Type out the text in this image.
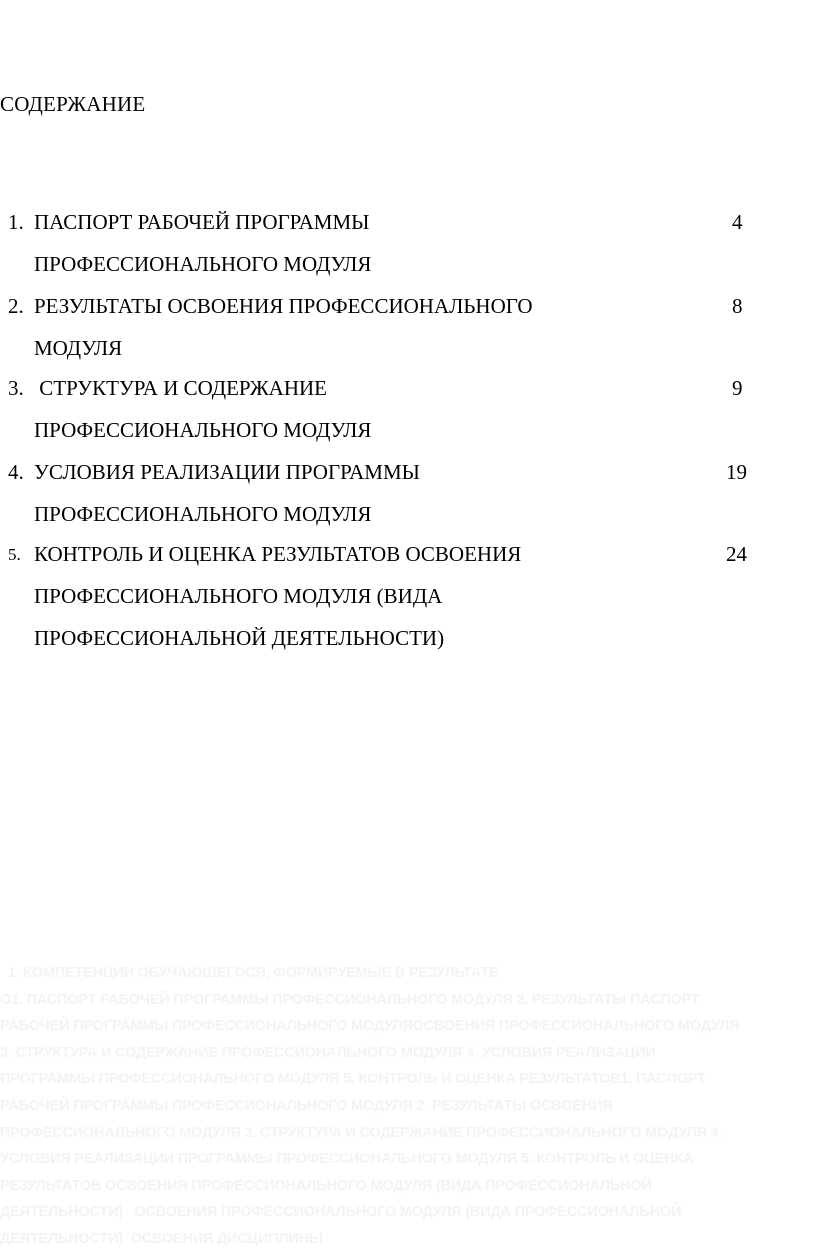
СОДЕРЖАНИЕ
1. ПАСПОРТ РАБОЧЕЙ ПРОГРАММЫ
ПРОФЕССИОНАЛЬНОГО МОДУЛЯ
4
2. РЕЗУЛЬТАТЫ ОСВОЕНИЯ ПРОФЕССИОНАЛЬНОГО
МОДУЛЯ
8
3. СТРУКТУРА И СОДЕРЖАНИЕ
ПРОФЕССИОНАЛЬНОГО МОДУЛЯ
9
4. УСЛОВИЯ РЕАЛИЗАЦИИ ПРОГРАММЫ
ПРОФЕССИОНАЛЬНОГО МОДУЛЯ
19
5. КОНТРОЛЬ И ОЦЕНКА РЕЗУЛЬТАТОВ ОСВОЕНИЯ
ПРОФЕССИОНАЛЬНОГО МОДУЛЯ (ВИДА
ПРОФЕССИОНАЛЬНОЙ ДЕЯТЕЛЬНОСТИ)
24
1. КОМПЕТЕНЦИИ ОБУЧАЮЩЕГОСЯ, ФОРМИРУЕМЫЕ В РЕЗУЛЬТАТЕ
О1. ПАСПОРТ РАБОЧЕЙ ПРОГРАММЫ ПРОФЕССИОНАЛЬНОГО МОДУЛЯ 2. РЕЗУЛЬТАТЫ ПАСПОРТ
РАБОЧЕЙ ПРОГРАММЫ ПРОФЕССИОНАЛЬНОГО МОДУЛЯОСВОЕНИЯ ПРОФЕССИОНАЛЬНОГО МОДУЛЯ
3. СТРУКТУРА И СОДЕРЖАНИЕ ПРОФЕССИОНАЛЬНОГО МОДУЛЯ 4. УСЛОВИЯ РЕАЛИЗАЦИИ
ПРОГРАММЫ ПРОФЕССИОНАЛЬНОГО МОДУЛЯ 5. КОНТРОЛЬ И ОЦЕНКА РЕЗУЛЬТАТОВ1. ПАСПОРТ
РАБОЧЕЙ ПРОГРАММЫ ПРОФЕССИОНАЛЬНОГО МОДУЛЯ 2. РЕЗУЛЬТАТЫ ОСВОЕНИЯ
ПРОФЕССИОНАЛЬНОГО МОДУЛЯ 3. СТРУКТУРА И СОДЕРЖАНИЕ ПРОФЕССИОНАЛЬНОГО МОДУЛЯ 4.
УСЛОВИЯ РЕАЛИЗАЦИИ ПРОГРАММЫ ПРОФЕССИОНАЛЬНОГО МОДУЛЯ 5. КОНТРОЛЬ И ОЦЕНКА
РЕЗУЛЬТАТОВ ОСВОЕНИЯ ПРОФЕССИОНАЛЬНОГО МОДУЛЯ (ВИДА ПРОФЕССИОНАЛЬНОЙ
ДЕЯТЕЛЬНОСТИ)   ОСВОЕНИЯ ПРОФЕССИОНАЛЬНОГО МОДУЛЯ (ВИДА ПРОФЕССИОНАЛЬНОЙ
ДЕЯТЕЛЬНОСТИ)  ОСВОЕНИЯ ДИСЦИПЛИНЫ
